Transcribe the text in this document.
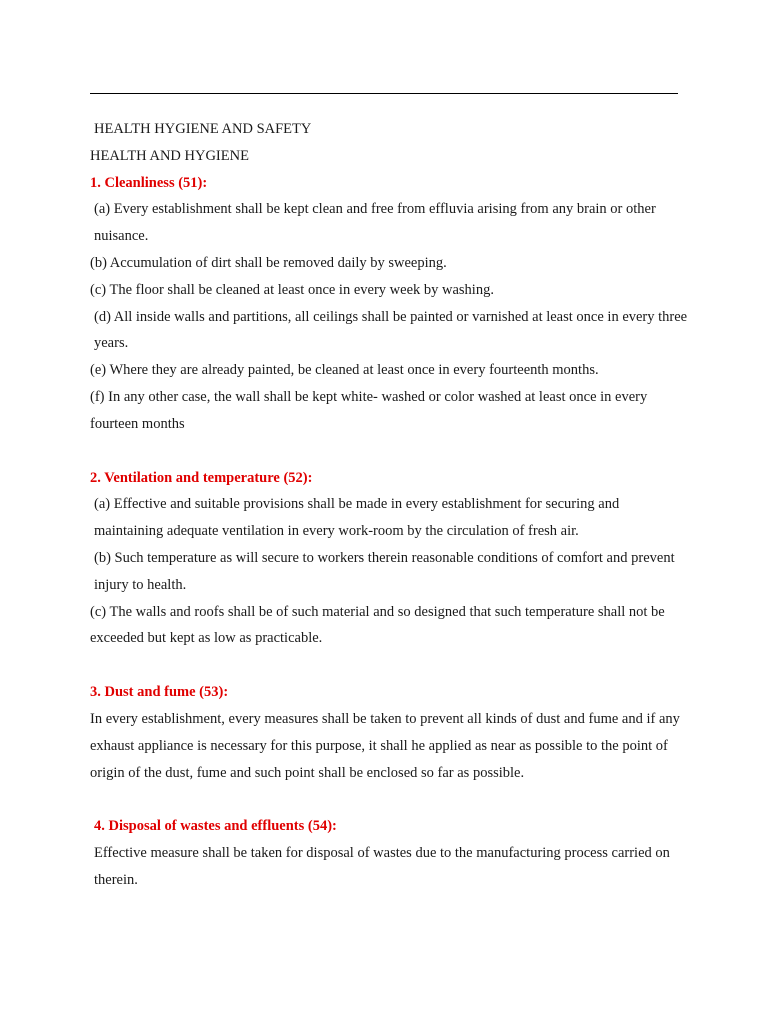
HEALTH HYGIENE AND SAFETY

HEALTH AND HYGIENE

1. Cleanliness (51):

(a) Every establishment shall be kept clean and free from effluvia arising from any brain or other nuisance.

(b) Accumulation of dirt shall be removed daily by sweeping.

(c) The floor shall be cleaned at least once in every week by washing.

(d) All inside walls and partitions, all ceilings shall be painted or varnished at least once in every three years.

(e) Where they are already painted, be cleaned at least once in every fourteenth months.

(f) In any other case, the wall shall be kept white- washed or color washed at least once in every fourteen months

2. Ventilation and temperature (52):

(a) Effective and suitable provisions shall be made in every establishment for securing and maintaining adequate ventilation in every work-room by the circulation of fresh air.

(b) Such temperature as will secure to workers therein reasonable conditions of comfort and prevent injury to health.

(c) The walls and roofs shall be of such material and so designed that such temperature shall not be exceeded but kept as low as practicable.

3. Dust and fume (53):

In every establishment, every measures shall be taken to prevent all kinds of dust and fume and if any exhaust appliance is necessary for this purpose, it shall he applied as near as possible to the point of origin of the dust, fume and such point shall be enclosed so far as possible.

4. Disposal of wastes and effluents (54):

Effective measure shall be taken for disposal of wastes due to the manufacturing process carried on therein.
